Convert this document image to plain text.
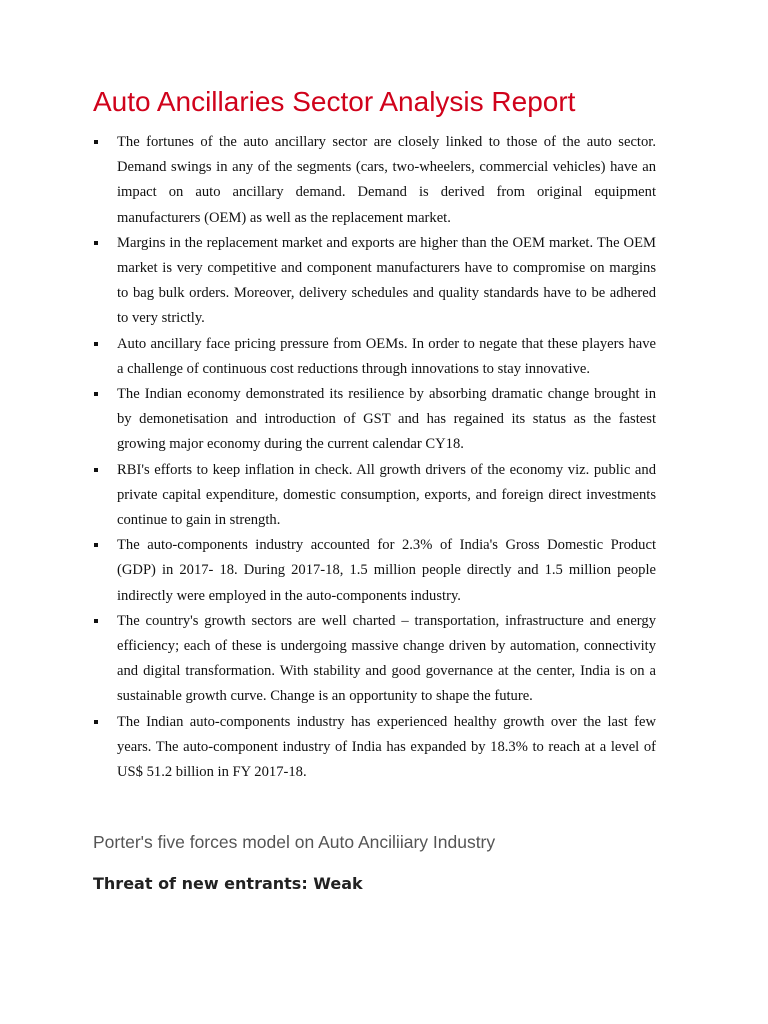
Auto Ancillaries Sector Analysis Report
The fortunes of the auto ancillary sector are closely linked to those of the auto sector. Demand swings in any of the segments (cars, two-wheelers, commercial vehicles) have an impact on auto ancillary demand. Demand is derived from original equipment manufacturers (OEM) as well as the replacement market.
Margins in the replacement market and exports are higher than the OEM market. The OEM market is very competitive and component manufacturers have to compromise on margins to bag bulk orders. Moreover, delivery schedules and quality standards have to be adhered to very strictly.
Auto ancillary face pricing pressure from OEMs. In order to negate that these players have a challenge of continuous cost reductions through innovations to stay innovative.
The Indian economy demonstrated its resilience by absorbing dramatic change brought in by demonetisation and introduction of GST and has regained its status as the fastest growing major economy during the current calendar CY18.
RBI's efforts to keep inflation in check. All growth drivers of the economy viz. public and private capital expenditure, domestic consumption, exports, and foreign direct investments continue to gain in strength.
The auto-components industry accounted for 2.3% of India's Gross Domestic Product (GDP) in 2017- 18. During 2017-18, 1.5 million people directly and 1.5 million people indirectly were employed in the auto-components industry.
The country's growth sectors are well charted – transportation, infrastructure and energy efficiency; each of these is undergoing massive change driven by automation, connectivity and digital transformation. With stability and good governance at the center, India is on a sustainable growth curve. Change is an opportunity to shape the future.
The Indian auto-components industry has experienced healthy growth over the last few years. The auto-component industry of India has expanded by 18.3% to reach at a level of US$ 51.2 billion in FY 2017-18.
Porter's five forces model on Auto Anciliiary Industry
Threat of new entrants: Weak
